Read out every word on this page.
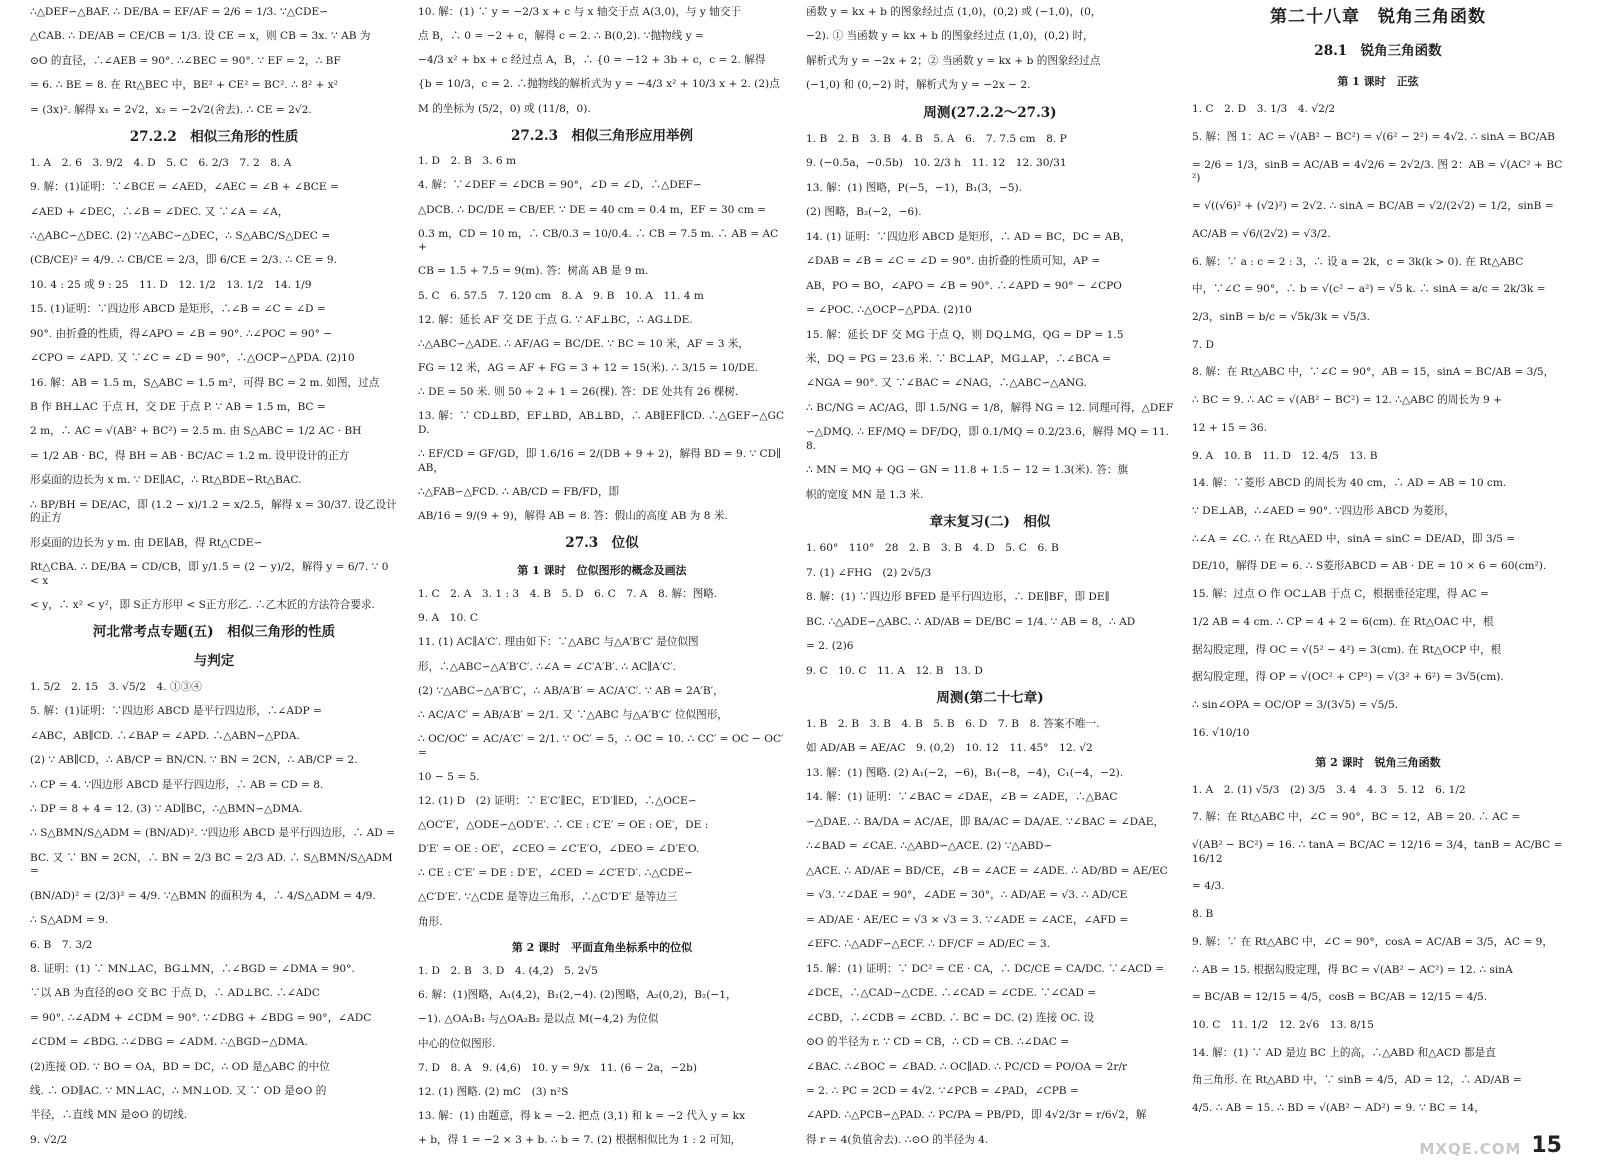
∴△DEF∽△BAF. ∴ DE/BA = EF/AF = 2/6 = 1/3. ∵△CDE∽
△CAB. ∴ DE/AB = CE/CB = 1/3. 设 CE = x，则 CB = 3x. ∵ AB 为
⊙O 的直径，∴∠AEB = 90°. ∴∠BEC = 90°. ∵ EF = 2，∴ BF
= 6. ∴ BE = 8. 在 Rt△BEC 中，BE² + CE² = BC². ∴ 8² + x²
= (3x)². 解得 x₁ = 2√2，x₂ = −2√2(舍去). ∴ CE = 2√2.
27.2.2　相似三角形的性质
1. A　2. 6　3. 9/2　4. D　5. C　6. 2/3　7. 2　8. A
9. 解：(1)证明：∵∠BCE = ∠AED，∠AEC = ∠B + ∠BCE =
∠AED + ∠DEC，∴∠B = ∠DEC. 又 ∵∠A = ∠A，
∴△ABC∽△DEC. (2) ∵△ABC∽△DEC，∴ S△ABC/S△DEC =
(CB/CE)² = 4/9. ∴ CB/CE = 2/3，即 6/CE = 2/3. ∴ CE = 9.
10. 4 : 25 或 9 : 25　11. D　12. 1/2　13. 1/2　14. 1/9
15. (1)证明：∵四边形 ABCD 是矩形，∴∠B = ∠C = ∠D =
90°. 由折叠的性质，得∠APO = ∠B = 90°. ∴∠POC = 90° −
∠CPO = ∠APD. 又 ∵∠C = ∠D = 90°，∴△OCP∽△PDA. (2)10
16. 解：AB = 1.5 m，S△ABC = 1.5 m²，可得 BC = 2 m. 如图，过点
B 作 BH⊥AC 于点 H，交 DE 于点 P. ∵ AB = 1.5 m，BC =
2 m，∴ AC = √(AB² + BC²) = 2.5 m. 由 S△ABC = 1/2 AC · BH
= 1/2 AB · BC，得 BH = AB · BC/AC = 1.2 m. 设甲设计的正方
形桌面的边长为 x m. ∵ DE∥AC，∴ Rt△BDE∽Rt△BAC.
∴ BP/BH = DE/AC，即 (1.2 − x)/1.2 = x/2.5，解得 x = 30/37. 设乙设计的正方
形桌面的边长为 y m. 由 DE∥AB，得 Rt△CDE∽
Rt△CBA. ∴ DE/BA = CD/CB，即 y/1.5 = (2 − y)/2，解得 y = 6/7. ∵ 0 < x
< y，∴ x² < y²，即 S正方形甲 < S正方形乙. ∴乙木匠的方法符合要求.
河北常考点专题(五)　相似三角形的性质
与判定
1. 5/2　2. 15　3. √5/2　4. ①③④
5. 解：(1)证明：∵四边形 ABCD 是平行四边形，∴∠ADP =
∠ABC，AB∥CD. ∴∠BAP = ∠APD. ∴△ABN∽△PDA.
(2) ∵ AB∥CD，∴ AB/CP = BN/CN. ∵ BN = 2CN，∴ AB/CP = 2.
∴ CP = 4. ∵四边形 ABCD 是平行四边形，∴ AB = CD = 8.
∴ DP = 8 + 4 = 12. (3) ∵ AD∥BC，∴△BMN∽△DMA.
∴ S△BMN/S△ADM = (BN/AD)². ∵四边形 ABCD 是平行四边形，∴ AD =
BC. 又 ∵ BN = 2CN，∴ BN = 2/3 BC = 2/3 AD. ∴ S△BMN/S△ADM =
(BN/AD)² = (2/3)² = 4/9. ∵△BMN 的面积为 4，∴ 4/S△ADM = 4/9.
∴ S△ADM = 9.
6. B　7. 3/2
8. 证明：(1) ∵ MN⊥AC，BG⊥MN，∴∠BGD = ∠DMA = 90°.
∵以 AB 为直径的⊙O 交 BC 于点 D，∴ AD⊥BC. ∴∠ADC
= 90°. ∴∠ADM + ∠CDM = 90°. ∵∠DBG + ∠BDG = 90°，∠ADC
∠CDM = ∠BDG. ∴∠DBG = ∠ADM. ∴△BGD∽△DMA.
(2)连接 OD. ∵ BO = OA，BD = DC，∴ OD 是△ABC 的中位
线. ∴ OD∥AC. ∵ MN⊥AC，∴ MN⊥OD. 又 ∵ OD 是⊙O 的
半径，∴直线 MN 是⊙O 的切线.
9. √2/2
10. 解：(1) ∵ y = −2/3 x + c 与 x 轴交于点 A(3,0)，与 y 轴交于
点 B，∴ 0 = −2 + c，解得 c = 2. ∴ B(0,2). ∵抛物线 y =
−4/3 x² + bx + c 经过点 A，B，∴ {0 = −12 + 3b + c，c = 2. 解得
{b = 10/3，c = 2. ∴抛物线的解析式为 y = −4/3 x² + 10/3 x + 2. (2)点
M 的坐标为 (5/2，0) 或 (11/8，0).
27.2.3　相似三角形应用举例
1. D　2. B　3. 6 m
4. 解：∵∠DEF = ∠DCB = 90°，∠D = ∠D，∴△DEF∽
△DCB. ∴ DC/DE = CB/EF. ∵ DE = 40 cm = 0.4 m，EF = 30 cm =
0.3 m，CD = 10 m，∴ CB/0.3 = 10/0.4. ∴ CB = 7.5 m. ∴ AB = AC +
CB = 1.5 + 7.5 = 9(m). 答：树高 AB 是 9 m.
5. C　6. 57.5　7. 120 cm　8. A　9. B　10. A　11. 4 m
12. 解：延长 AF 交 DE 于点 G. ∵ AF⊥BC，∴ AG⊥DE.
∴△ABC∽△ADE. ∴ AF/AG = BC/DE. ∵ BC = 10 米，AF = 3 米，
FG = 12 米，AG = AF + FG = 3 + 12 = 15(米). ∴ 3/15 = 10/DE.
∴ DE = 50 米. 则 50 ÷ 2 + 1 = 26(棵). 答：DE 处共有 26 棵树.
13. 解：∵ CD⊥BD，EF⊥BD，AB⊥BD，∴ AB∥EF∥CD. ∴△GEF∽△GCD.
∴ EF/CD = GF/GD，即 1.6/16 = 2/(DB + 9 + 2)，解得 BD = 9. ∵ CD∥AB，
∴△FAB∽△FCD. ∴ AB/CD = FB/FD，即
AB/16 = 9/(9 + 9)，解得 AB = 8. 答：假山的高度 AB 为 8 米.
27.3　位似
第 1 课时　位似图形的概念及画法
1. C　2. A　3. 1 : 3　4. B　5. D　6. C　7. A　8. 解：图略.
9. A　10. C
11. (1) AC∥A′C′. 理由如下：∵△ABC 与△A′B′C′ 是位似图
形，∴△ABC∽△A′B′C′. ∴∠A = ∠C′A′B′. ∴ AC∥A′C′.
(2) ∵△ABC∽△A′B′C′，∴ AB/A′B′ = AC/A′C′. ∵ AB = 2A′B′，
∴ AC/A′C′ = AB/A′B′ = 2/1. 又 ∵△ABC 与△A′B′C′ 位似图形，
∴ OC/OC′ = AC/A′C′ = 2/1. ∵ OC′ = 5，∴ OC = 10. ∴ CC′ = OC − OC′ =
10 − 5 = 5.
12. (1) D　(2) 证明：∵ E′C′∥EC，E′D′∥ED，∴△OCE∽
△OC′E′，△ODE∽△OD′E′. ∴ CE : C′E′ = OE : OE′，DE :
D′E′ = OE : OE′，∠CEO = ∠C′E′O，∠DEO = ∠D′E′O.
∴ CE : C′E′ = DE : D′E′，∠CED = ∠C′E′D′. ∴△CDE∽
△C′D′E′. ∵△CDE 是等边三角形，∴△C′D′E′ 是等边三
角形.
第 2 课时　平面直角坐标系中的位似
1. D　2. B　3. D　4. (4,2)　5. 2√5
6. 解：(1)图略，A₁(4,2)，B₁(2,−4). (2)图略，A₂(0,2)，B₂(−1，
−1). △OA₁B₁ 与△OA₂B₂ 是以点 M(−4,2) 为位似
中心的位似图形.
7. D　8. A　9. (4,6)　10. y = 9/x　11. (6 − 2a，−2b)
12. (1) 图略. (2) mC　(3) n²S
13. 解：(1) 由题意，得 k = −2. 把点 (3,1) 和 k = −2 代入 y = kx
+ b，得 1 = −2 × 3 + b. ∴ b = 7. (2) 根据相似比为 1 : 2 可知，
函数 y = kx + b 的图象经过点 (1,0)，(0,2) 或 (−1,0)，(0，
−2). ① 当函数 y = kx + b 的图象经过点 (1,0)，(0,2) 时，
解析式为 y = −2x + 2；② 当函数 y = kx + b 的图象经过点
(−1,0) 和 (0,−2) 时，解析式为 y = −2x − 2.
周测(27.2.2～27.3)
1. B　2. B　3. B　4. B　5. A　6.　7. 7.5 cm　8. P
9. (−0.5a，−0.5b)　10. 2/3 h　11. 12　12. 30/31
13. 解：(1) 图略，P(−5，−1)，B₁(3，−5).
(2) 图略，B₂(−2，−6).
14. (1) 证明：∵四边形 ABCD 是矩形，∴ AD = BC，DC = AB，
∠DAB = ∠B = ∠C = ∠D = 90°. 由折叠的性质可知，AP =
AB，PO = BO，∠APO = ∠B = 90°. ∴∠APD = 90° − ∠CPO
= ∠POC. ∴△OCP∽△PDA. (2)10
15. 解：延长 DF 交 MG 于点 Q，则 DQ⊥MG，QG = DP = 1.5
米，DQ = PG = 23.6 米. ∵ BC⊥AP，MG⊥AP，∴∠BCA =
∠NGA = 90°. 又 ∵∠BAC = ∠NAG，∴△ABC∽△ANG.
∴ BC/NG = AC/AG，即 1.5/NG = 1/8，解得 NG = 12. 同理可得，△DEF
∽△DMQ. ∴ EF/MQ = DF/DQ，即 0.1/MQ = 0.2/23.6，解得 MQ = 11.8.
∴ MN = MQ + QG − GN = 11.8 + 1.5 − 12 = 1.3(米). 答：旗
帜的宽度 MN 是 1.3 米.
章末复习(二)　相似
1. 60°　110°　28　2. B　3. B　4. D　5. C　6. B
7. (1) ∠FHG　(2) 2√5/3
8. 解：(1) ∵四边形 BFED 是平行四边形，∴ DE∥BF，即 DE∥
BC. ∴△ADE∽△ABC. ∴ AD/AB = DE/BC = 1/4. ∵ AB = 8，∴ AD
= 2. (2)6
9. C　10. C　11. A　12. B　13. D
周测(第二十七章)
1. B　2. B　3. B　4. B　5. B　6. D　7. B　8. 答案不唯一.
如 AD/AB = AE/AC　9. (0,2)　10. 12　11. 45°　12. √2
13. 解：(1) 图略. (2) A₁(−2，−6)，B₁(−8，−4)，C₁(−4，−2).
14. 解：(1) 证明：∵∠BAC = ∠DAE，∠B = ∠ADE，∴△BAC
∽△DAE. ∴ BA/DA = AC/AE，即 BA/AC = DA/AE. ∵∠BAC = ∠DAE，
∴∠BAD = ∠CAE. ∴△ABD∽△ACE. (2) ∵△ABD∽
△ACE. ∴ AD/AE = BD/CE，∠B = ∠ACE = ∠ADE. ∴ AD/BD = AE/EC
= √3. ∵∠DAE = 90°，∠ADE = 30°，∴ AD/AE = √3. ∴ AD/CE
= AD/AE · AE/EC = √3 × √3 = 3. ∵∠ADE = ∠ACE，∠AFD =
∠EFC. ∴△ADF∽△ECF. ∴ DF/CF = AD/EC = 3.
15. 解：(1) 证明：∵ DC² = CE · CA，∴ DC/CE = CA/DC. ∵∠ACD =
∠DCE，∴△CAD∽△CDE. ∴∠CAD = ∠CDE. ∵∠CAD =
∠CBD，∴∠CDB = ∠CBD. ∴ BC = DC. (2) 连接 OC. 设
⊙O 的半径为 r. ∵ CD = CB，∴ CD = CB. ∴∠DAC =
∠BAC. ∴∠BOC = ∠BAD. ∴ OC∥AD. ∴ PC/CD = PO/OA = 2r/r
= 2. ∴ PC = 2CD = 4√2. ∵∠PCB = ∠PAD，∠CPB =
∠APD. ∴△PCB∽△PAD. ∴ PC/PA = PB/PD，即 4√2/3r = r/6√2，解
得 r = 4(负值舍去). ∴⊙O 的半径为 4.
第二十八章　锐角三角函数
28.1　锐角三角函数
第 1 课时　正弦
1. C　2. D　3. 1/3　4. √2/2
5. 解：图 1：AC = √(AB² − BC²) = √(6² − 2²) = 4√2. ∴ sinA = BC/AB
= 2/6 = 1/3，sinB = AC/AB = 4√2/6 = 2√2/3. 图 2：AB = √(AC² + BC²)
= √((√6)² + (√2)²) = 2√2. ∴ sinA = BC/AB = √2/(2√2) = 1/2，sinB =
AC/AB = √6/(2√2) = √3/2.
6. 解：∵ a : c = 2 : 3，∴ 设 a = 2k，c = 3k(k > 0). 在 Rt△ABC
中，∵∠C = 90°，∴ b = √(c² − a²) = √5 k. ∴ sinA = a/c = 2k/3k =
2/3，sinB = b/c = √5k/3k = √5/3.
7. D
8. 解：在 Rt△ABC 中，∵∠C = 90°，AB = 15，sinA = BC/AB = 3/5，
∴ BC = 9. ∴ AC = √(AB² − BC²) = 12. ∴△ABC 的周长为 9 +
12 + 15 = 36.
9. A　10. B　11. D　12. 4/5　13. B
14. 解：∵菱形 ABCD 的周长为 40 cm，∴ AD = AB = 10 cm.
∵ DE⊥AB，∴∠AED = 90°. ∵四边形 ABCD 为菱形，
∴∠A = ∠C. ∴ 在 Rt△AED 中，sinA = sinC = DE/AD，即 3/5 =
DE/10，解得 DE = 6. ∴ S菱形ABCD = AB · DE = 10 × 6 = 60(cm²).
15. 解：过点 O 作 OC⊥AB 于点 C，根据垂径定理，得 AC =
1/2 AB = 4 cm. ∴ CP = 4 + 2 = 6(cm). 在 Rt△OAC 中，根
据勾股定理，得 OC = √(5² − 4²) = 3(cm). 在 Rt△OCP 中，根
据勾股定理，得 OP = √(OC² + CP²) = √(3² + 6²) = 3√5(cm).
∴ sin∠OPA = OC/OP = 3/(3√5) = √5/5.
16. √10/10
第 2 课时　锐角三角函数
1. A　2. (1) √5/3　(2) 3/5　3. 4　4. 3　5. 12　6. 1/2
7. 解：在 Rt△ABC 中，∠C = 90°，BC = 12，AB = 20. ∴ AC =
√(AB² − BC²) = 16. ∴ tanA = BC/AC = 12/16 = 3/4，tanB = AC/BC = 16/12
= 4/3.
8. B
9. 解：∵ 在 Rt△ABC 中，∠C = 90°，cosA = AC/AB = 3/5，AC = 9，
∴ AB = 15. 根据勾股定理，得 BC = √(AB² − AC²) = 12. ∴ sinA
= BC/AB = 12/15 = 4/5，cosB = BC/AB = 12/15 = 4/5.
10. C　11. 1/2　12. 2√6　13. 8/15
14. 解：(1) ∵ AD 是边 BC 上的高，∴△ABD 和△ACD 都是直
角三角形. 在 Rt△ABD 中，∵ sinB = 4/5，AD = 12，∴ AD/AB =
4/5. ∴ AB = 15. ∴ BD = √(AB² − AD²) = 9. ∵ BC = 14，
MXQE.COM 15
